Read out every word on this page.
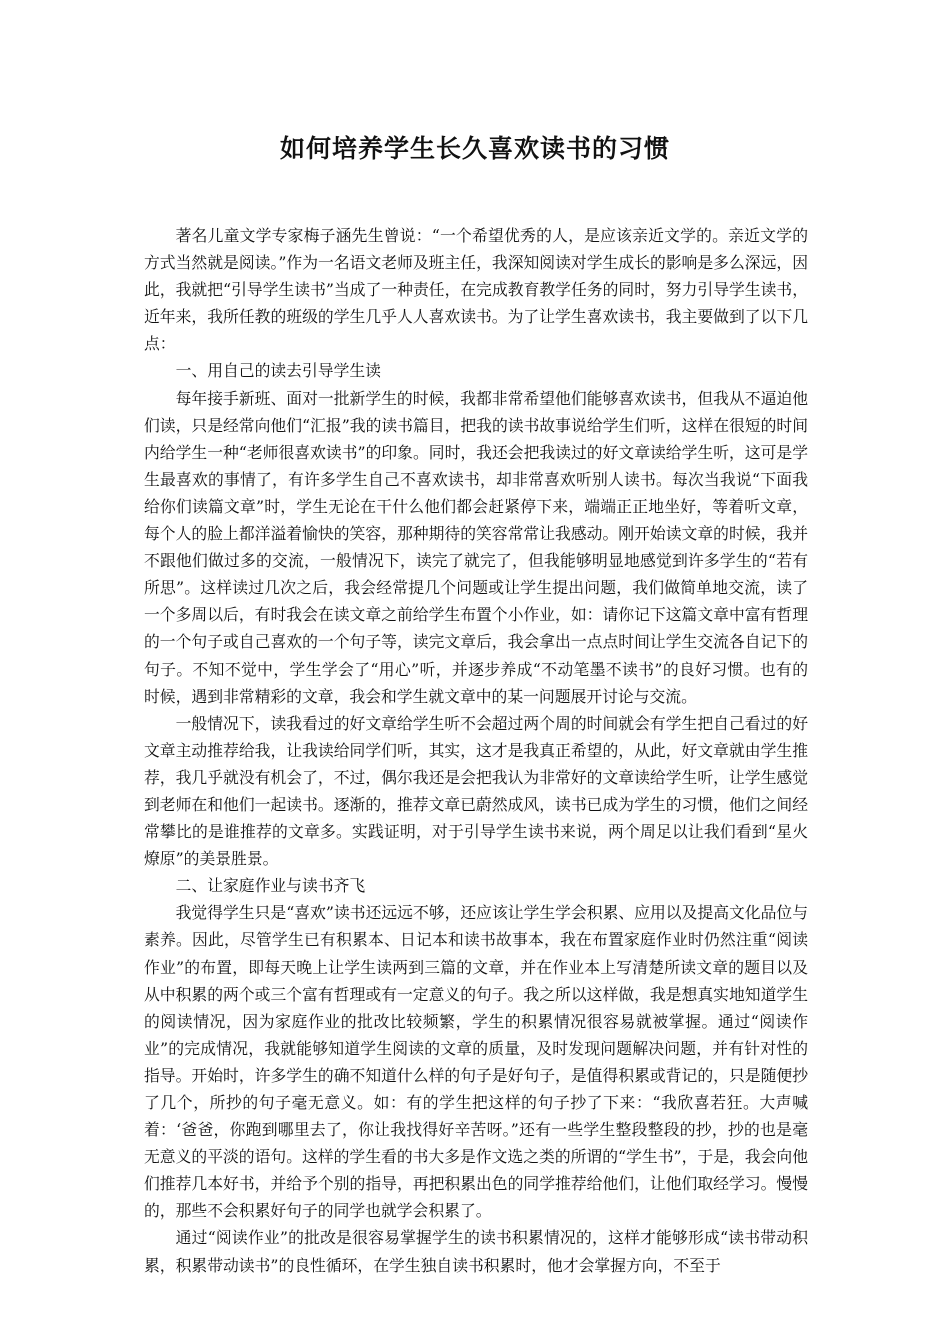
如何培养学生长久喜欢读书的习惯

著名儿童文学专家梅子涵先生曾说：“一个希望优秀的人，是应该亲近文学的。亲近文学的方式当然就是阅读。”作为一名语文老师及班主任，我深知阅读对学生成长的影响是多么深远，因此，我就把“引导学生读书”当成了一种责任，在完成教育教学任务的同时，努力引导学生读书，近年来，我所任教的班级的学生几乎人人喜欢读书。为了让学生喜欢读书，我主要做到了以下几点：

一、用自己的读去引导学生读

每年接手新班、面对一批新学生的时候，我都非常希望他们能够喜欢读书，但我从不逼迫他们读，只是经常向他们“汇报”我的读书篇目，把我的读书故事说给学生们听，这样在很短的时间内给学生一种“老师很喜欢读书”的印象。同时，我还会把我读过的好文章读给学生听，这可是学生最喜欢的事情了，有许多学生自己不喜欢读书，却非常喜欢听别人读书。每次当我说“下面我给你们读篇文章”时，学生无论在干什么他们都会赶紧停下来，端端正正地坐好，等着听文章，每个人的脸上都洋溢着愉快的笑容，那种期待的笑容常常让我感动。刚开始读文章的时候，我并不跟他们做过多的交流，一般情况下，读完了就完了，但我能够明显地感觉到许多学生的“若有所思”。这样读过几次之后，我会经常提几个问题或让学生提出问题，我们做简单地交流，读了一个多周以后，有时我会在读文章之前给学生布置个小作业，如：请你记下这篇文章中富有哲理的一个句子或自己喜欢的一个句子等，读完文章后，我会拿出一点点时间让学生交流各自记下的句子。不知不觉中，学生学会了“用心”听，并逐步养成“不动笔墨不读书”的良好习惯。也有的时候，遇到非常精彩的文章，我会和学生就文章中的某一问题展开讨论与交流。

一般情况下，读我看过的好文章给学生听不会超过两个周的时间就会有学生把自己看过的好文章主动推荐给我，让我读给同学们听，其实，这才是我真正希望的，从此，好文章就由学生推荐，我几乎就没有机会了，不过，偶尔我还是会把我认为非常好的文章读给学生听，让学生感觉到老师在和他们一起读书。逐渐的，推荐文章已蔚然成风，读书已成为学生的习惯，他们之间经常攀比的是谁推荐的文章多。实践证明，对于引导学生读书来说，两个周足以让我们看到“星火燎原”的美景胜景。

二、让家庭作业与读书齐飞

我觉得学生只是“喜欢”读书还远远不够，还应该让学生学会积累、应用以及提高文化品位与素养。因此，尽管学生已有积累本、日记本和读书故事本，我在布置家庭作业时仍然注重“阅读作业”的布置，即每天晚上让学生读两到三篇的文章，并在作业本上写清楚所读文章的题目以及从中积累的两个或三个富有哲理或有一定意义的句子。我之所以这样做，我是想真实地知道学生的阅读情况，因为家庭作业的批改比较频繁，学生的积累情况很容易就被掌握。通过“阅读作业”的完成情况，我就能够知道学生阅读的文章的质量，及时发现问题解决问题，并有针对性的指导。开始时，许多学生的确不知道什么样的句子是好句子，是值得积累或背记的，只是随便抄了几个，所抄的句子毫无意义。如：有的学生把这样的句子抄了下来：“我欣喜若狂。大声喊着：‘爸爸，你跑到哪里去了，你让我找得好辛苦呀。”还有一些学生整段整段的抄，抄的也是毫无意义的平淡的语句。这样的学生看的书大多是作文选之类的所谓的“学生书”，于是，我会向他们推荐几本好书，并给予个别的指导，再把积累出色的同学推荐给他们，让他们取经学习。慢慢的，那些不会积累好句子的同学也就学会积累了。

通过“阅读作业”的批改是很容易掌握学生的读书积累情况的，这样才能够形成“读书带动积累，积累带动读书”的良性循环，在学生独自读书积累时，他才会掌握方向，不至于
